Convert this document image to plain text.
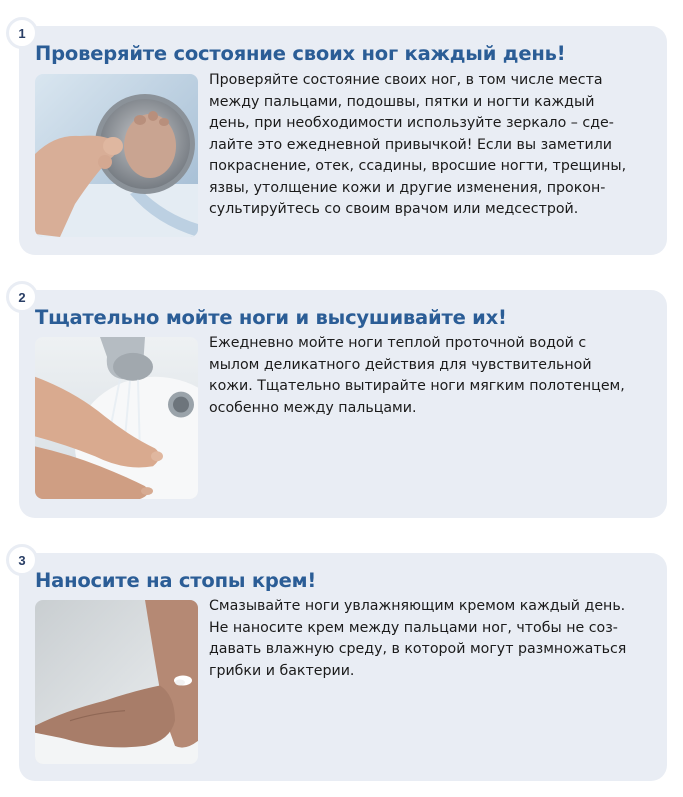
Проверяйте состояние своих ног каждый день!

Проверяйте состояние своих ног, в том числе места
между пальцами, подошвы, пятки и ногти каждый
день, при необходимости используйте зеркало – сде-
лайте это ежедневной привычкой! Если вы заметили
покраснение, отек, ссадины, вросшие ногти, трещины,
язвы, утолщение кожи и другие изменения, прокон-
сультируйтесь со своим врачом или медсестрой.

1
Тщательно мойте ноги и высушивайте их!

Ежедневно мойте ноги теплой проточной водой с
мылом деликатного действия для чувствительной
кожи. Тщательно вытирайте ноги мягким полотенцем,
особенно между пальцами.

2
Наносите на стопы крем!

Смазывайте ноги увлажняющим кремом каждый день.
Не наносите крем между пальцами ног, чтобы не соз-
давать влажную среду, в которой могут размножаться
грибки и бактерии.

3
